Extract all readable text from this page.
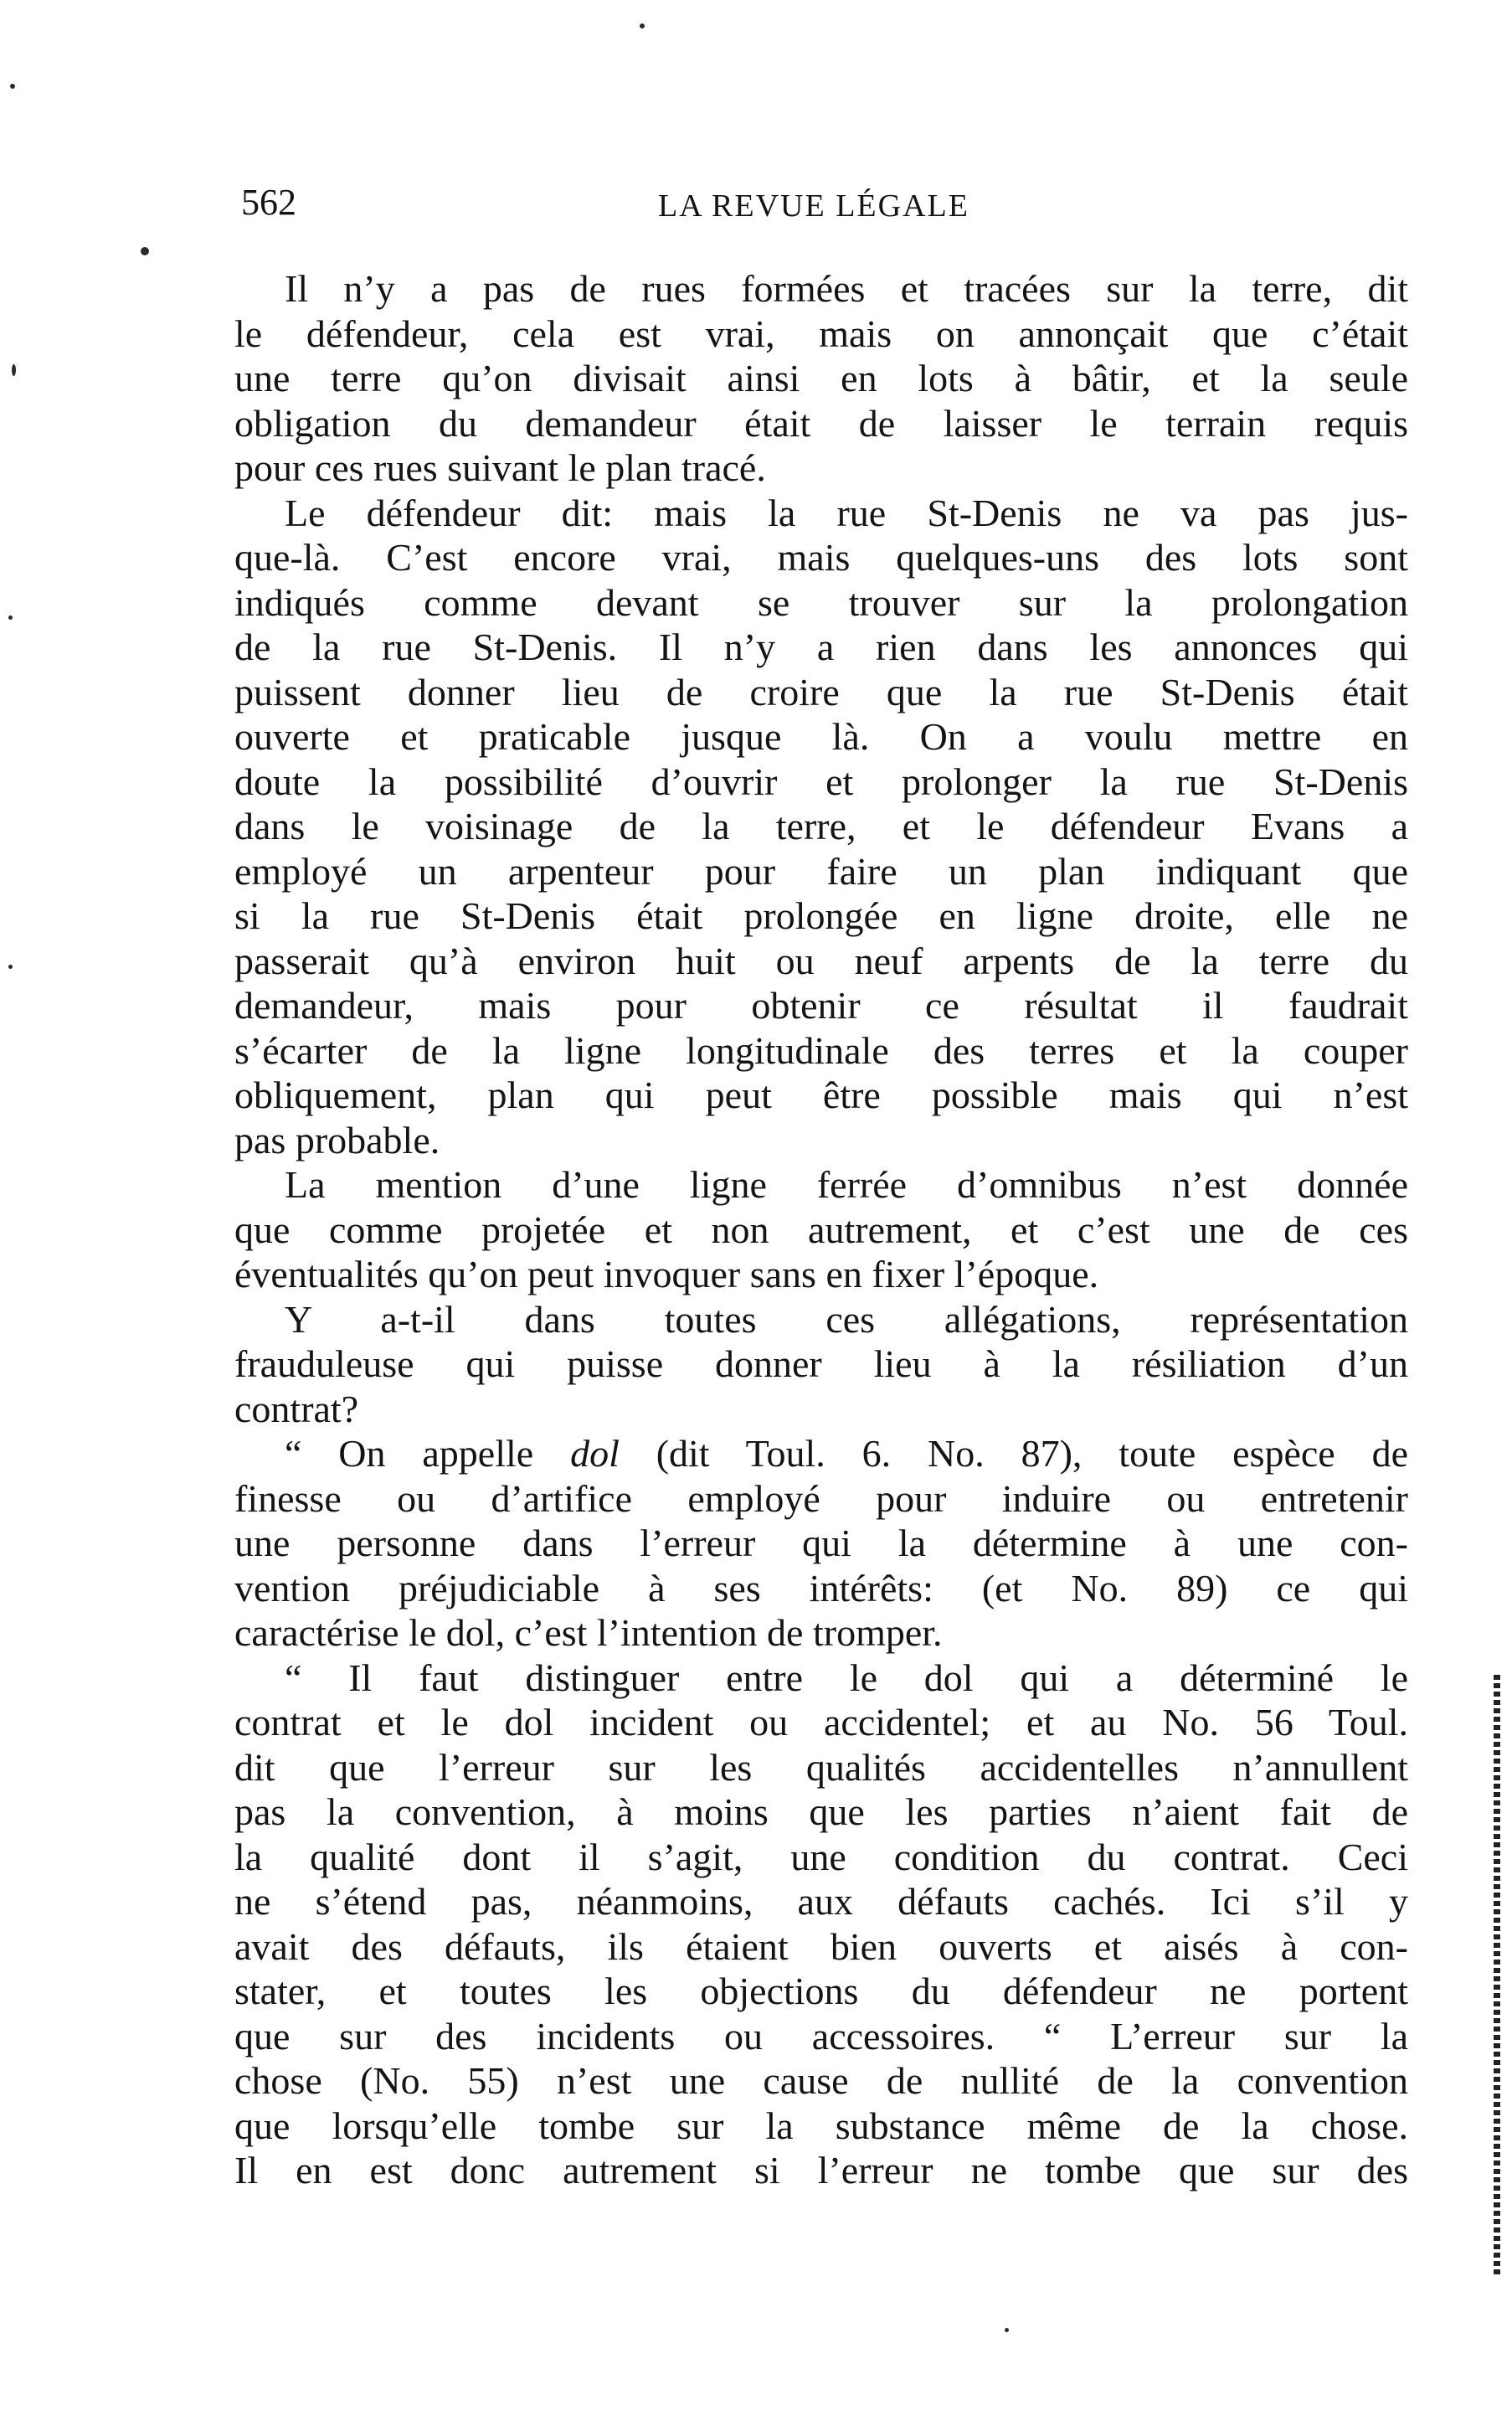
562	LA REVUE LÉGALE
Il n’y a pas de rues formées et tracées sur la terre, dit
le défendeur, cela est vrai, mais on annonçait que c’était
une terre qu’on divisait ainsi en lots à bâtir, et la seule
obligation du demandeur était de laisser le terrain requis
pour ces rues suivant le plan tracé.
Le défendeur dit: mais la rue St-Denis ne va pas jus-
que-là. C’est encore vrai, mais quelques-uns des lots sont
indiqués comme devant se trouver sur la prolongation
de la rue St-Denis. Il n’y a rien dans les annonces qui
puissent donner lieu de croire que la rue St-Denis était
ouverte et praticable jusque là. On a voulu mettre en
doute la possibilité d’ouvrir et prolonger la rue St-Denis
dans le voisinage de la terre, et le défendeur Evans a
employé un arpenteur pour faire un plan indiquant que
si la rue St-Denis était prolongée en ligne droite, elle ne
passerait qu’à environ huit ou neuf arpents de la terre du
demandeur, mais pour obtenir ce résultat il faudrait
s’écarter de la ligne longitudinale des terres et la couper
obliquement, plan qui peut être possible mais qui n’est
pas probable.
La mention d’une ligne ferrée d’omnibus n’est donnée
que comme projetée et non autrement, et c’est une de ces
éventualités qu’on peut invoquer sans en fixer l’époque.
Y a-t-il dans toutes ces allégations, représentation
frauduleuse qui puisse donner lieu à la résiliation d’un
contrat?
“ On appelle dol (dit Toul. 6. No. 87), toute espèce de
finesse ou d’artifice employé pour induire ou entretenir
une personne dans l’erreur qui la détermine à une con-
vention préjudiciable à ses intérêts: (et No. 89) ce qui
caractérise le dol, c’est l’intention de tromper.
“ Il faut distinguer entre le dol qui a déterminé le
contrat et le dol incident ou accidentel; et au No. 56 Toul.
dit que l’erreur sur les qualités accidentelles n’annullent
pas la convention, à moins que les parties n’aient fait de
la qualité dont il s’agit, une condition du contrat. Ceci
ne s’étend pas, néanmoins, aux défauts cachés. Ici s’il y
avait des défauts, ils étaient bien ouverts et aisés à con-
stater, et toutes les objections du défendeur ne portent
que sur des incidents ou accessoires. “ L’erreur sur la
chose (No. 55) n’est une cause de nullité de la convention
que lorsqu’elle tombe sur la substance même de la chose.
Il en est donc autrement si l’erreur ne tombe que sur des
